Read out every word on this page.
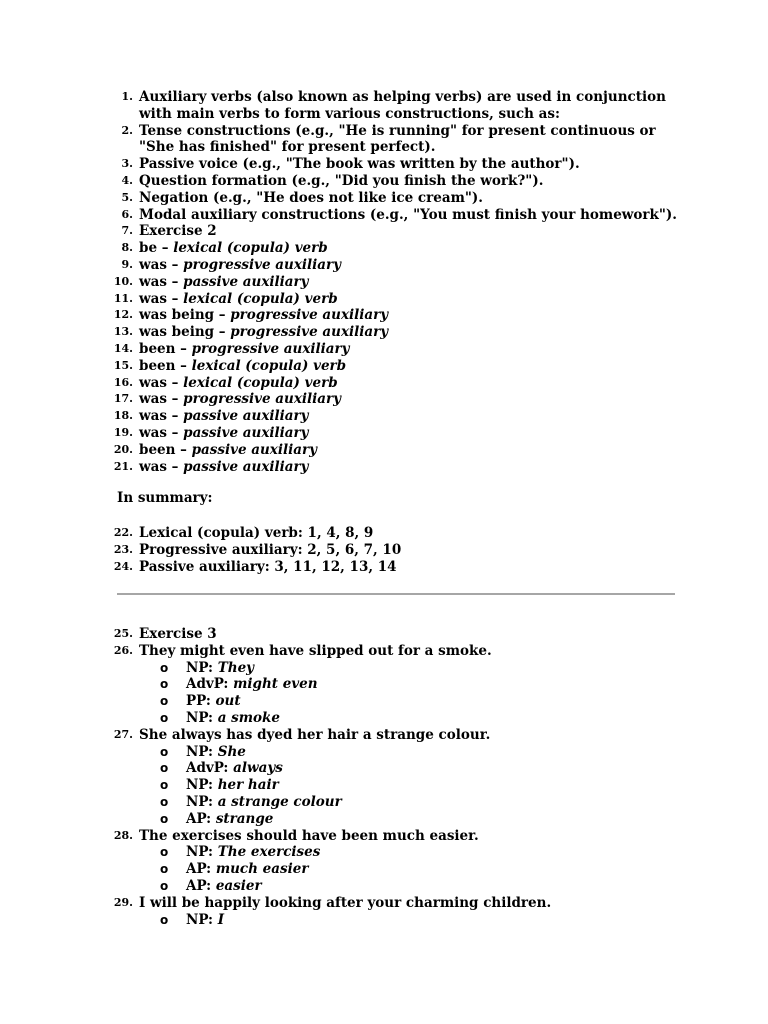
1. Auxiliary verbs (also known as helping verbs) are used in conjunction with main verbs to form various constructions, such as:
2. Tense constructions (e.g., "He is running" for present continuous or "She has finished" for present perfect).
3. Passive voice (e.g., "The book was written by the author").
4. Question formation (e.g., "Did you finish the work?").
5. Negation (e.g., "He does not like ice cream").
6. Modal auxiliary constructions (e.g., "You must finish your homework").
7. Exercise 2
8. be – lexical (copula) verb
9. was – progressive auxiliary
10. was – passive auxiliary
11. was – lexical (copula) verb
12. was being – progressive auxiliary
13. was being – progressive auxiliary
14. been – progressive auxiliary
15. been – lexical (copula) verb
16. was – lexical (copula) verb
17. was – progressive auxiliary
18. was – passive auxiliary
19. was – passive auxiliary
20. been – passive auxiliary
21. was – passive auxiliary
In summary:
22. Lexical (copula) verb: 1, 4, 8, 9
23. Progressive auxiliary: 2, 5, 6, 7, 10
24. Passive auxiliary: 3, 11, 12, 13, 14
25. Exercise 3
26. They might even have slipped out for a smoke.
o NP: They
o AdvP: might even
o PP: out
o NP: a smoke
27. She always has dyed her hair a strange colour.
o NP: She
o AdvP: always
o NP: her hair
o NP: a strange colour
o AP: strange
28. The exercises should have been much easier.
o NP: The exercises
o AP: much easier
o AP: easier
29. I will be happily looking after your charming children.
o NP: I
